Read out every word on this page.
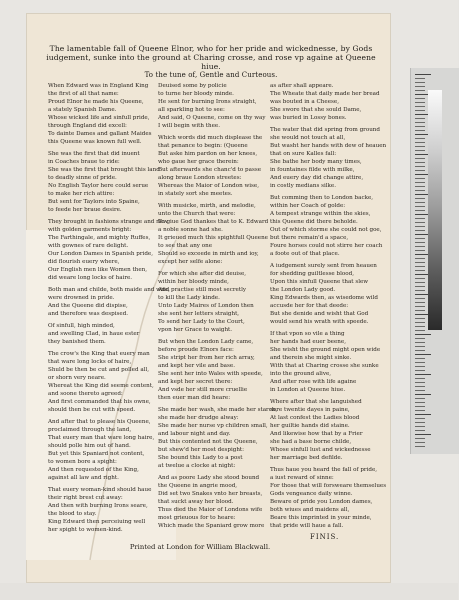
The lamentable fall of Queene Elnor, who for her pride and wickednesse, by Gods
iudgement, sunke into the ground at Charing crosse, and rose vp againe at Queene hiue.
To the tune of, Gentle and Curteous.
When Edward was in England King
the first of all that name:
Proud Elnor he made his Queene,
a stately Spanish Dame.
Whose wicked life and sinfull pride,
through England did excell:
To dainte Dames and gallant Maides
this Queene was known full well.
She was the first that did inuent
in Coaches braue to ride:
She was the first that brought this land
to deadly sinne of pride.
No English Taylor here could serue
to make her rich attire:
But sent for Taylors into Spaine,
to feede her braue desire.
They brought in fashions strange and new
with golden garments bright:
The Farthingale, and mighty Ruffes,
with gownes of rare delight.
Our London Dames in Spanish pride,
did flourish euery where,
Our English men like Women then,
did weare long locks of haire.
Both man and childe, both maide and wife,
were drowned in pride.
And the Queene did dispise,
and therefore was despised.
Of sinfull, high minded,
and swelling Clad, in haue ester
they banished them.
The crow's the King that euery man
that ware long locks of haire,
Shuld be then be cut and polled all,
or shorn very neare.
Whereat the King did seeme content,
and soone thereto agreed:
And first commanded that his owne,
should then be cut with speed.
And after that to please his Queene,
proclaimed through the land,
That euery man that ware long haire,
should polle him out of hand.
But yet this Spaniard not content,
to women bore a spight:
And then requested of the King,
against all law and right.
That euery woman-kind should haue
their right brest cut away:
And then with burning Irons seare,
the blood to stay.
King Edward then perceiuing well
her spight to women-kind.
Deuised some by policie
to turne her bloody minde.
He sent for burning Irons straight,
all sparkling hot to see:
And said, O Queene, come on thy way
I will begin with thee.
Which words did much displease the
that penance to begin: (Queene
But aske him pardon on her knees,
who gaue her grace therein:
But afterwards she chanc'd to passe
along braue London streetes:
Whereas the Maior of London wise,
in stately sort she meetes.
With musicke, mirth, and melodie,
unto the Church that were:
To giue God thankes that to K. Edward
a noble sonne had she.
It grieued much this spightfull Queene
to see that any one
Should so exceede in mirth and ioy,
except her selfe alone:
For which she after did deuise,
within her bloody minde,
And practise still most secretly
to kill the Lady kinde.
Unto Lady Maires of London then
she sent her letters straight,
To send her Lady to the Court,
vpon her Grace to waight.
But when the London Lady came,
before proude Elnors face:
She stript her from her rich array,
and kept her vile and base.
She sent her into Wales with speede,
and kept her secret there:
And vsde her still more cruellie
then euer man did heare:
She made her wash, she made her starch,
she made her drudge alway:
She made her nurse vp children small,
and labour night and day.
But this contented not the Queene,
but shew'd her most despight:
She bound this Lady to a post
at twelue a clocke at night:
And as poore Lady she stood bound
the Queene in angrie mood,
Did set two Snakes vnto her breasts,
that suckt away her blood.
Thus died the Maior of Londons wife
most grieuous for to heare:
Which made the Spaniard grow more
as after shall appeare.
The Wheate that daily made her bread
was bouted in a Cheese,
She swore that she sould Dame,
was buried in Lossy bones.
The water that did spring from ground
she would not touch at all,
But washt her hands with dew of heauen
that on sure Kalles fall:
She bathe her body many times,
in fountaines filde with milke,
And euery day did change attire,
in costly medians silke.
But comming then to London backe,
within her Coach of golde:
A tempest strange within the skies,
this Queene did there beholde.
Out of which storme she could not goe,
but there remain'd a space,
Foure horses could not stirre her coach
a foote out of that place.
A iudgement surely sent from heauen
for shedding guiltlesse blood,
Upon this sinfull Queene that slew
the London Lady good.
King Edwards then, as wisedome wild
accusde her for that deede:
But she denide and wisht that God
would send his wrath with speede.
If that vpon so vile a thing
her hands had euer beene,
She wisht the ground might open wide
and therein she might sinke.
With that at Charing crosse she sunke
into the ground alive,
And after rose with life againe
in London at Queene hiue.
Where after that she languished
sore twentie dayes in paine,
At last confest the Ladies blood
her guiltie hands did staine.
And likewise how that by a Frier
she had a base borne childe,
Whose sinfull lust and wickednesse
her marriage bed defilde.
Thus haue you heard the fall of pride,
a iust reward of sinne:
For those that will forsweare themselues
Gods vengeance daily winne.
Beware of pride you London dames,
both wiues and maidens all,
Beare this imprinted in your minde,
that pride will haue a fall.
FINIS.
Printed at London for William Blackwall.
